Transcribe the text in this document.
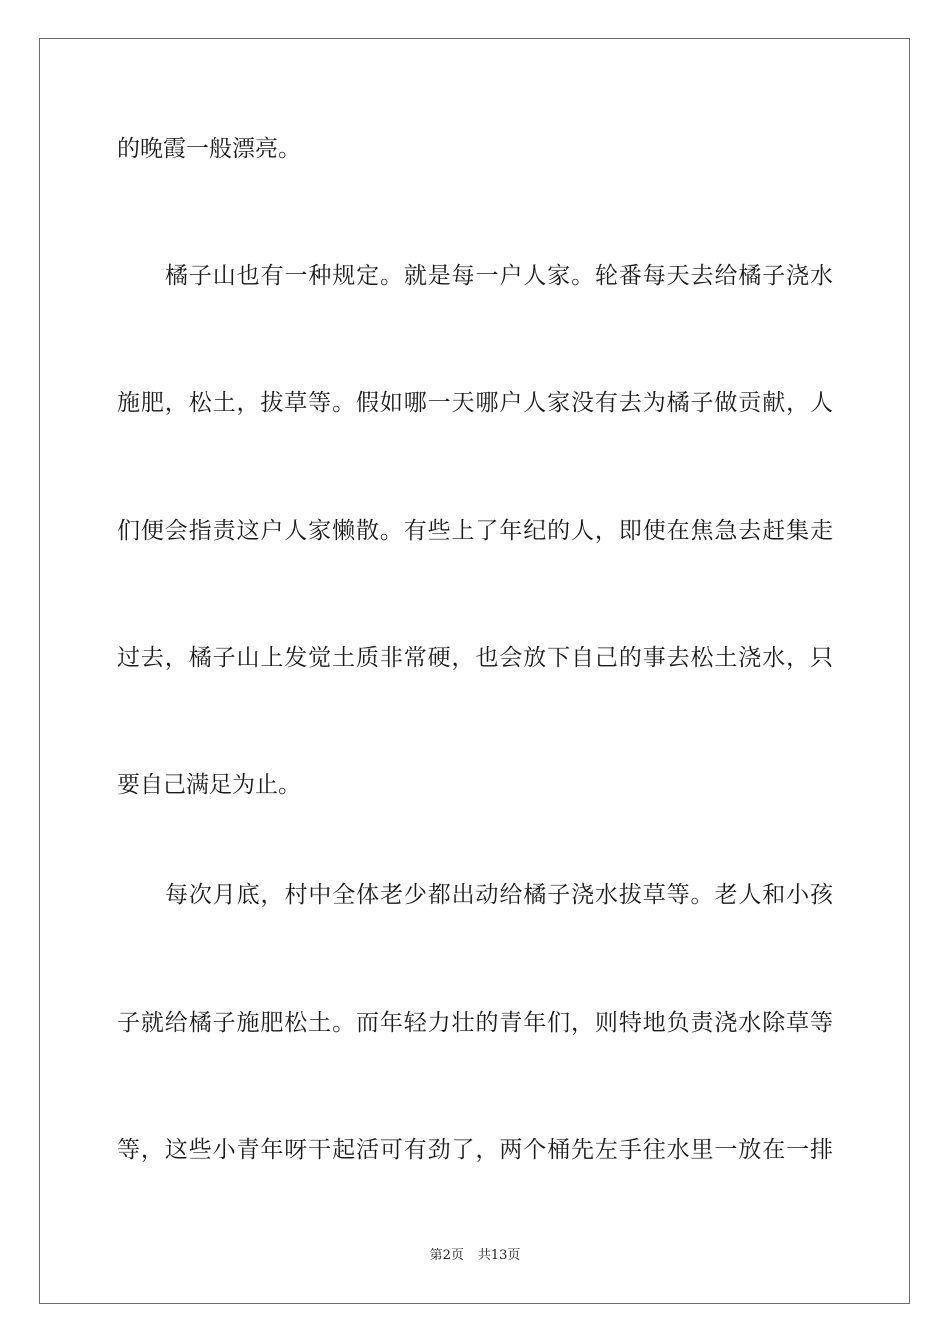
的晚霞一般漂亮。
橘子山也有一种规定。就是每一户人家。轮番每天去给橘子浇水
施肥，松土，拔草等。假如哪一天哪户人家没有去为橘子做贡献，人
们便会指责这户人家懒散。有些上了年纪的人，即使在焦急去赶集走
过去，橘子山上发觉土质非常硬，也会放下自己的事去松土浇水，只
要自己满足为止。
每次月底，村中全体老少都出动给橘子浇水拔草等。老人和小孩
子就给橘子施肥松土。而年轻力壮的青年们，则特地负责浇水除草等
等，这些小青年呀干起活可有劲了，两个桶先左手往水里一放在一排
第2页 共13页
